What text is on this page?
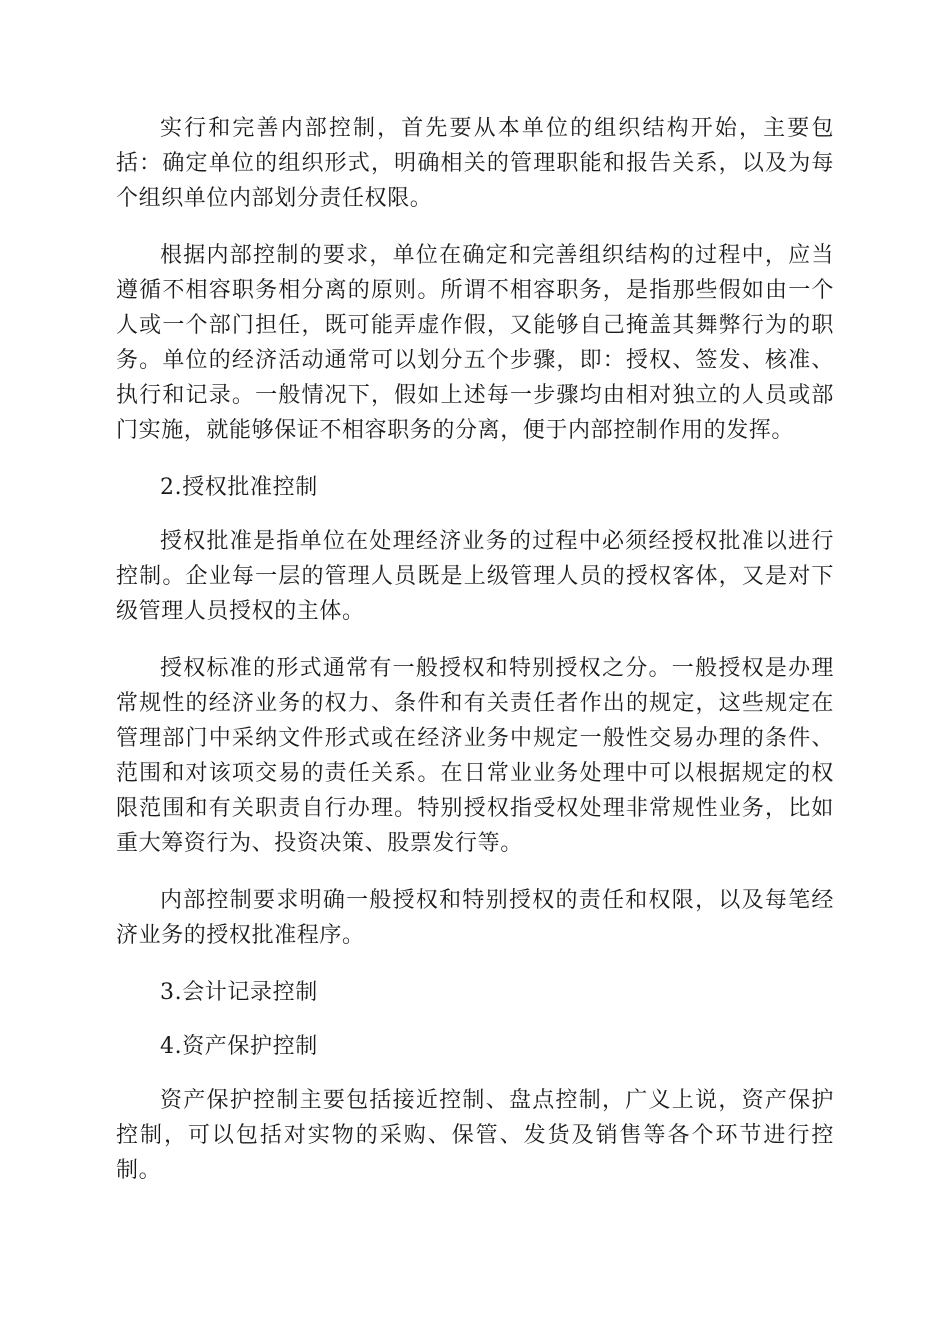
实行和完善内部控制，首先要从本单位的组织结构开始，主要包括：确定单位的组织形式，明确相关的管理职能和报告关系，以及为每个组织单位内部划分责任权限。

根据内部控制的要求，单位在确定和完善组织结构的过程中，应当遵循不相容职务相分离的原则。所谓不相容职务，是指那些假如由一个人或一个部门担任，既可能弄虚作假，又能够自己掩盖其舞弊行为的职务。单位的经济活动通常可以划分五个步骤，即：授权、签发、核准、执行和记录。一般情况下，假如上述每一步骤均由相对独立的人员或部门实施，就能够保证不相容职务的分离，便于内部控制作用的发挥。

2.授权批准控制

授权批准是指单位在处理经济业务的过程中必须经授权批准以进行控制。企业每一层的管理人员既是上级管理人员的授权客体，又是对下级管理人员授权的主体。

授权标准的形式通常有一般授权和特别授权之分。一般授权是办理常规性的经济业务的权力、条件和有关责任者作出的规定，这些规定在管理部门中采纳文件形式或在经济业务中规定一般性交易办理的条件、范围和对该项交易的责任关系。在日常业业务处理中可以根据规定的权限范围和有关职责自行办理。特别授权指受权处理非常规性业务，比如重大筹资行为、投资决策、股票发行等。

内部控制要求明确一般授权和特别授权的责任和权限，以及每笔经济业务的授权批准程序。

3.会计记录控制

4.资产保护控制

资产保护控制主要包括接近控制、盘点控制，广义上说，资产保护控制，可以包括对实物的采购、保管、发货及销售等各个环节进行控制。
